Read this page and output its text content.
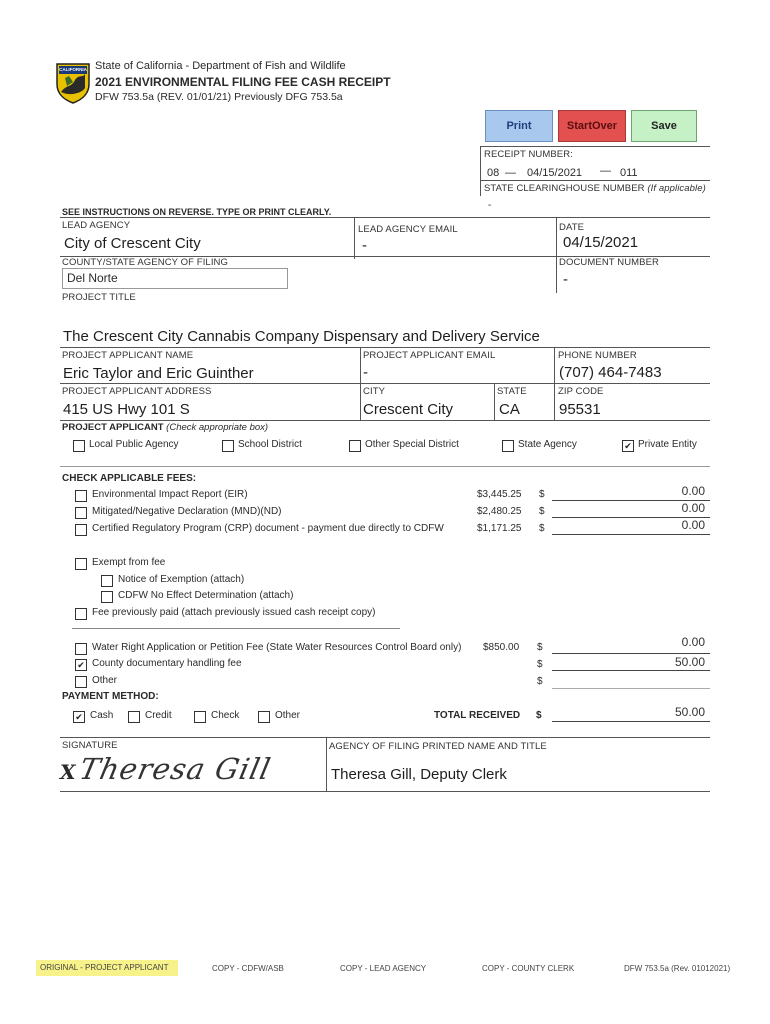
CALIFORNIA State of California - Department of Fish and Wildlife
2021 ENVIRONMENTAL FILING FEE CASH RECEIPT
DFW 753.5a (REV. 01/01/21) Previously DFG 753.5a
Print	StartOver	Save
RECEIPT NUMBER:
08 — 04/15/2021 — 011
STATE CLEARINGHOUSE NUMBER (If applicable)
-
SEE INSTRUCTIONS ON REVERSE. TYPE OR PRINT CLEARLY.
LEAD AGENCY
City of Crescent City
LEAD AGENCY EMAIL
-
DATE
04/15/2021
COUNTY/STATE AGENCY OF FILING
Del Norte
DOCUMENT NUMBER
-
PROJECT TITLE
The Crescent City Cannabis Company Dispensary and Delivery Service
PROJECT APPLICANT NAME
Eric Taylor and Eric Guinther
PROJECT APPLICANT EMAIL
-
PHONE NUMBER
(707) 464-7483
PROJECT APPLICANT ADDRESS
415 US Hwy 101 S
CITY
Crescent City
STATE
CA
ZIP CODE
95531
PROJECT APPLICANT (Check appropriate box)
Local Public Agency	School District	Other Special District	State Agency	✔ Private Entity
CHECK APPLICABLE FEES:
Environmental Impact Report (EIR)	$3,445.25 $	0.00
Mitigated/Negative Declaration (MND)(ND)	$2,480.25 $	0.00
Certified Regulatory Program (CRP) document - payment due directly to CDFW	$1,171.25 $	0.00
Exempt from fee
Notice of Exemption (attach)
CDFW No Effect Determination (attach)
Fee previously paid (attach previously issued cash receipt copy)
Water Right Application or Petition Fee (State Water Resources Control Board only) $850.00 $	0.00
✔ County documentary handling fee	$	50.00
Other	$
PAYMENT METHOD:
✔ Cash	Credit	Check	Other	TOTAL RECEIVED $	50.00
SIGNATURE
X Theresa Gill
AGENCY OF FILING PRINTED NAME AND TITLE
Theresa Gill, Deputy Clerk
ORIGINAL - PROJECT APPLICANT	COPY - CDFW/ASB	COPY - LEAD AGENCY	COPY - COUNTY CLERK	DFW 753.5a (Rev. 01012021)
